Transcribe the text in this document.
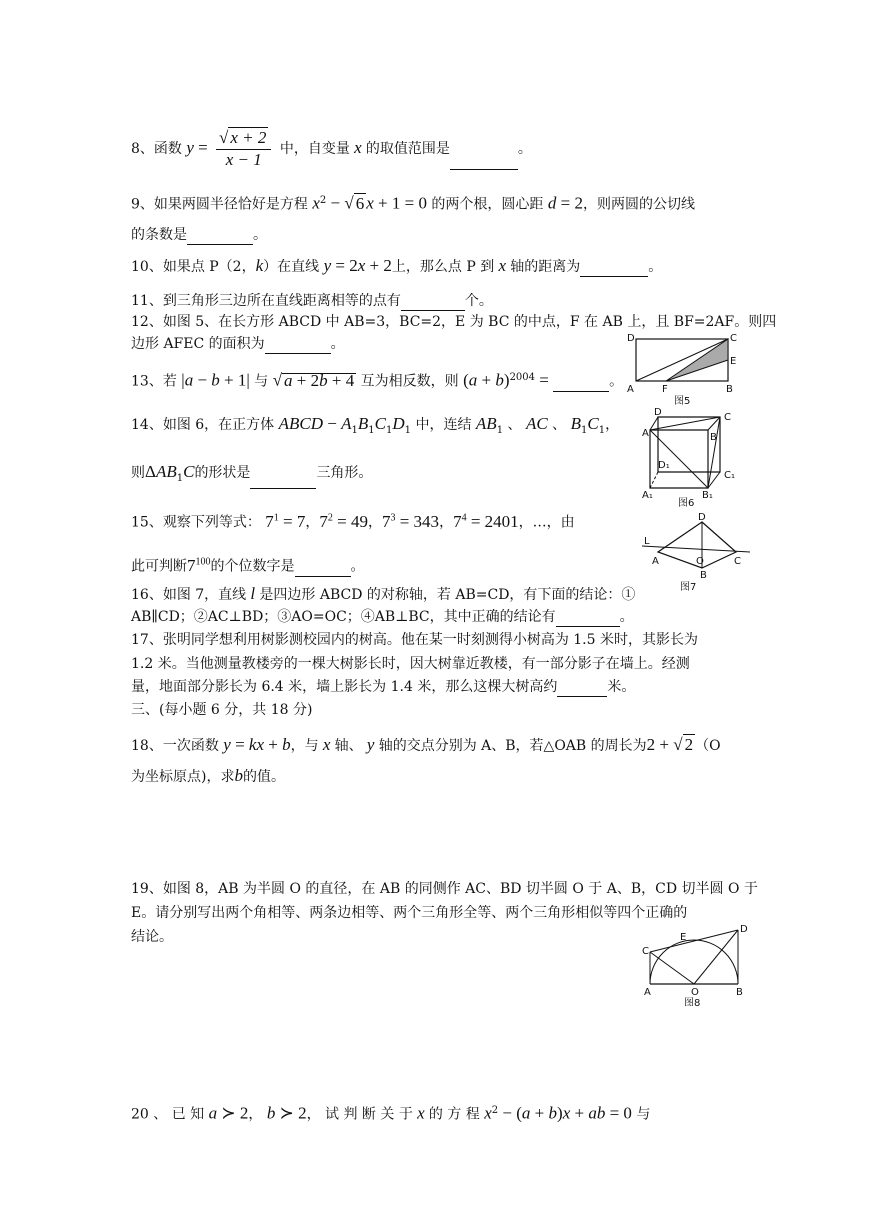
8、函数 $y = \frac{√ x + 2}{x - 1}$ 中，自变量 x 的取值范围是	。
9、如果两圆半径恰好是方程 $x^2$ − √ 6 x + 1 = 0 的两个根，圆心距 d = 2，则两圆的公切线
的条数是	。
10、如果点 P（2，k）在直线 y = 2x + 2上，那么点 P 到 x 轴的距离为	。
11、到三角形三边所在直线距离相等的点有	个。
12、如图 5、在长方形 ABCD 中 AB=3，BC=2，E 为 BC 的中点，F 在 AB 上，且 BF=2AF。则四
边形 AFEC 的面积为	。
13、若 |a − b + 1| 与 √ a + 2b + 4 互为相反数，则 $(a + b)^{2004}$ =	。
14、如图 6，在正方体 ABCD − $A_1B_1C_1D_1$ 中，连结 $AB_1$ 、 AC 、 $B_1C_1$，
则$\Delta AB_1C$的形状是	三角形。
15、观察下列等式： $7^1 = 7$，$7^2 = 49$，$7^3 = 343$，$7^4 = 2401$，…，由
此可判断$7^{100}$的个位数字是	。
16、如图 7，直线 l 是四边形 ABCD 的对称轴，若 AB=CD，有下面的结论：①
AB∥CD；②AC⊥BD；③AO=OC；④AB⊥BC，其中正确的结论有	。
17、张明同学想利用树影测校园内的树高。他在某一时刻测得小树高为 1.5 米时，其影长为
1.2 米。当他测量教楼旁的一棵大树影长时，因大树靠近教楼，有一部分影子在墙上。经测
量，地面部分影长为 6.4 米，墙上影长为 1.4 米，那么这棵大树高约	米。
三、(每小题 6 分，共 18 分)
18、一次函数 y = kx + b，与 x 轴、 y 轴的交点分别为 A、B，若△OAB 的周长为2 + √ 2 （O
为坐标原点)，求b的值。
19、如图 8，AB 为半圆 O 的直径，在 AB 的同侧作 AC、BD 切半圆 O 于 A、B，CD 切半圆 O 于
E。请分别写出两个角相等、两条边相等、两个三角形全等、两个三角形相似等四个正确的
结论。
20 、 已 知 a ≻ 2， b ≻ 2， 试 判 断 关 于 x 的 方 程 $x^2 - (a + b)x$ + ab = 0 与
D	C
E
A	F	B
图5
D	C
A	B
D₁
C₁
A₁	B₁
图6
D
L
A	O	C
B
图7
C
E
D
A	O	B
图8
